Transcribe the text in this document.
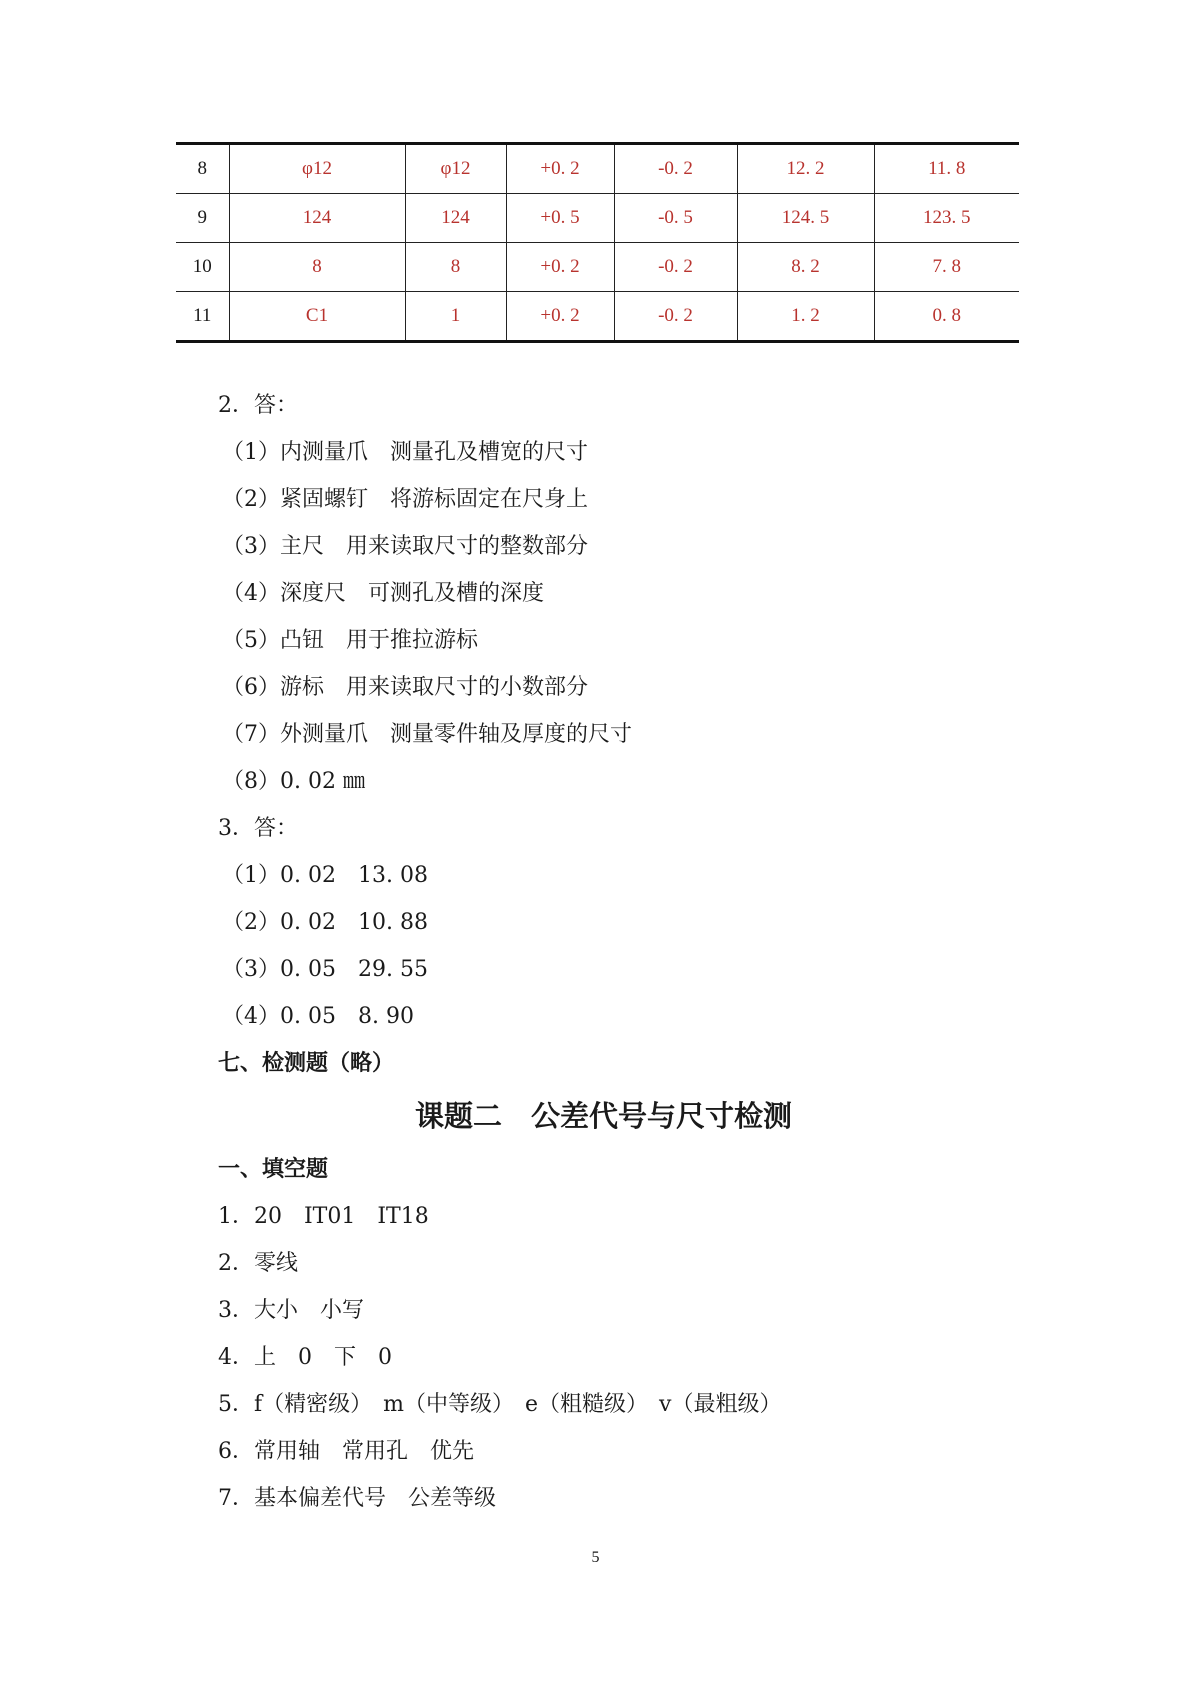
8	φ12	φ12	+0. 2	-0. 2	12. 2	11. 8
9	124	124	+0. 5	-0. 5	124. 5	123. 5
10	8	8	+0. 2	-0. 2	8. 2	7. 8
11	C1	1	+0. 2	-0. 2	1. 2	0. 8
2．答：
（1）内测量爪　测量孔及槽宽的尺寸
（2）紧固螺钉　将游标固定在尺身上
（3）主尺　用来读取尺寸的整数部分
（4）深度尺　可测孔及槽的深度
（5）凸钮　用于推拉游标
（6）游标　用来读取尺寸的小数部分
（7）外测量爪　测量零件轴及厚度的尺寸
（8）0. 02 ㎜
3．答：
（1）0. 02　13. 08
（2）0. 02　10. 88
（3）0. 05　29. 55
（4）0. 05　8. 90
七、检测题（略）
课题二　公差代号与尺寸检测
一、填空题
1．20　IT01　IT18
2．零线
3．大小　小写
4．上　0　下　0
5．f（精密级）　m（中等级）　e（粗糙级）　v（最粗级）
6．常用轴　常用孔　优先
7．基本偏差代号　公差等级
5
